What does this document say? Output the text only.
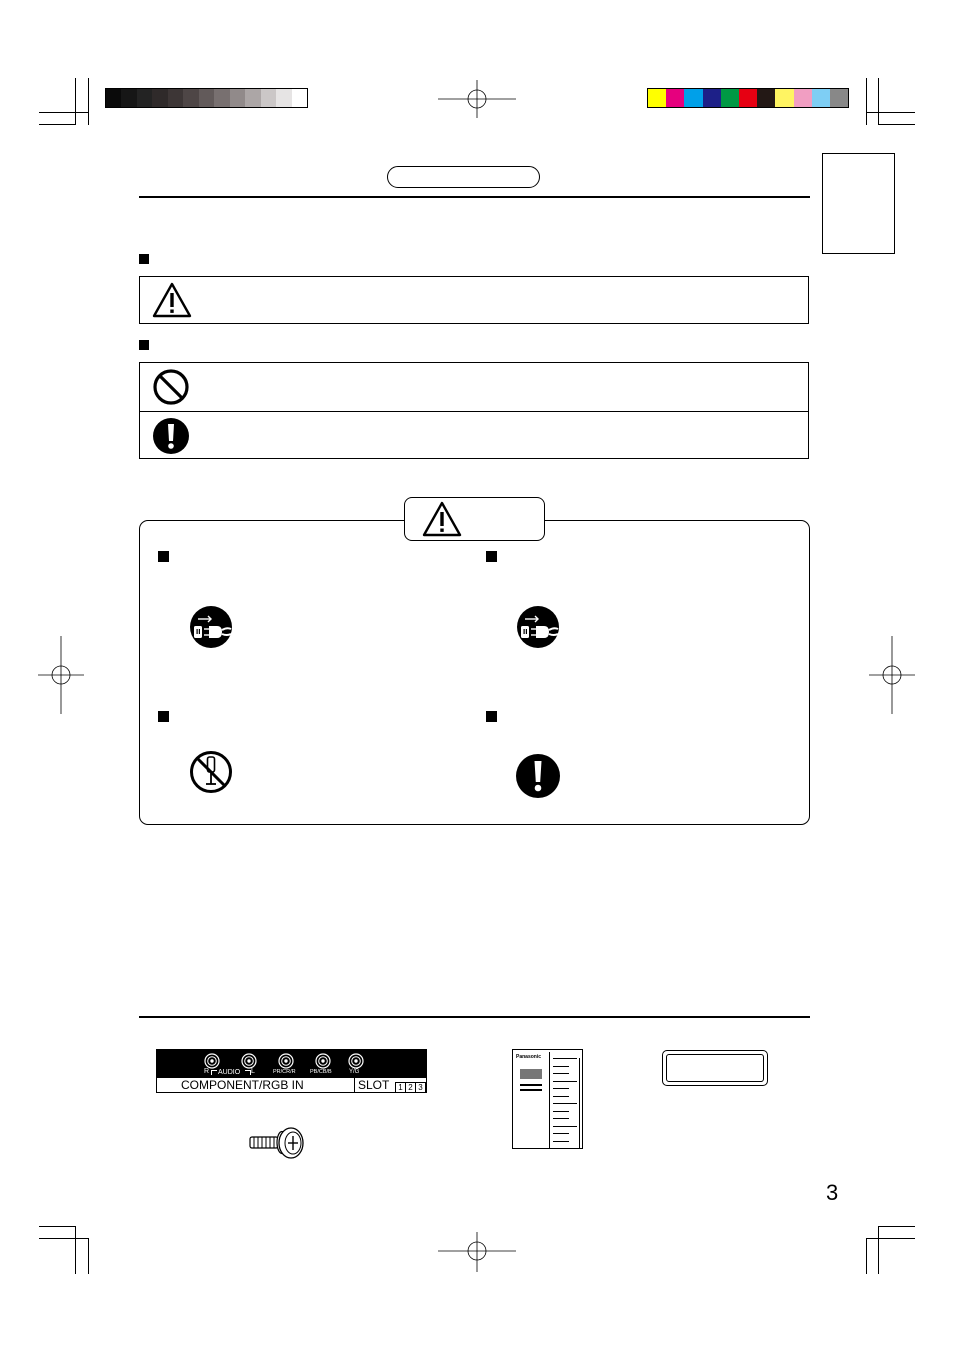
R AUDIO L	PR/CR/R	PB/CB/B	Y/G
COMPONENT/RGB IN	SLOT	1 2 3
Panasonic
3
